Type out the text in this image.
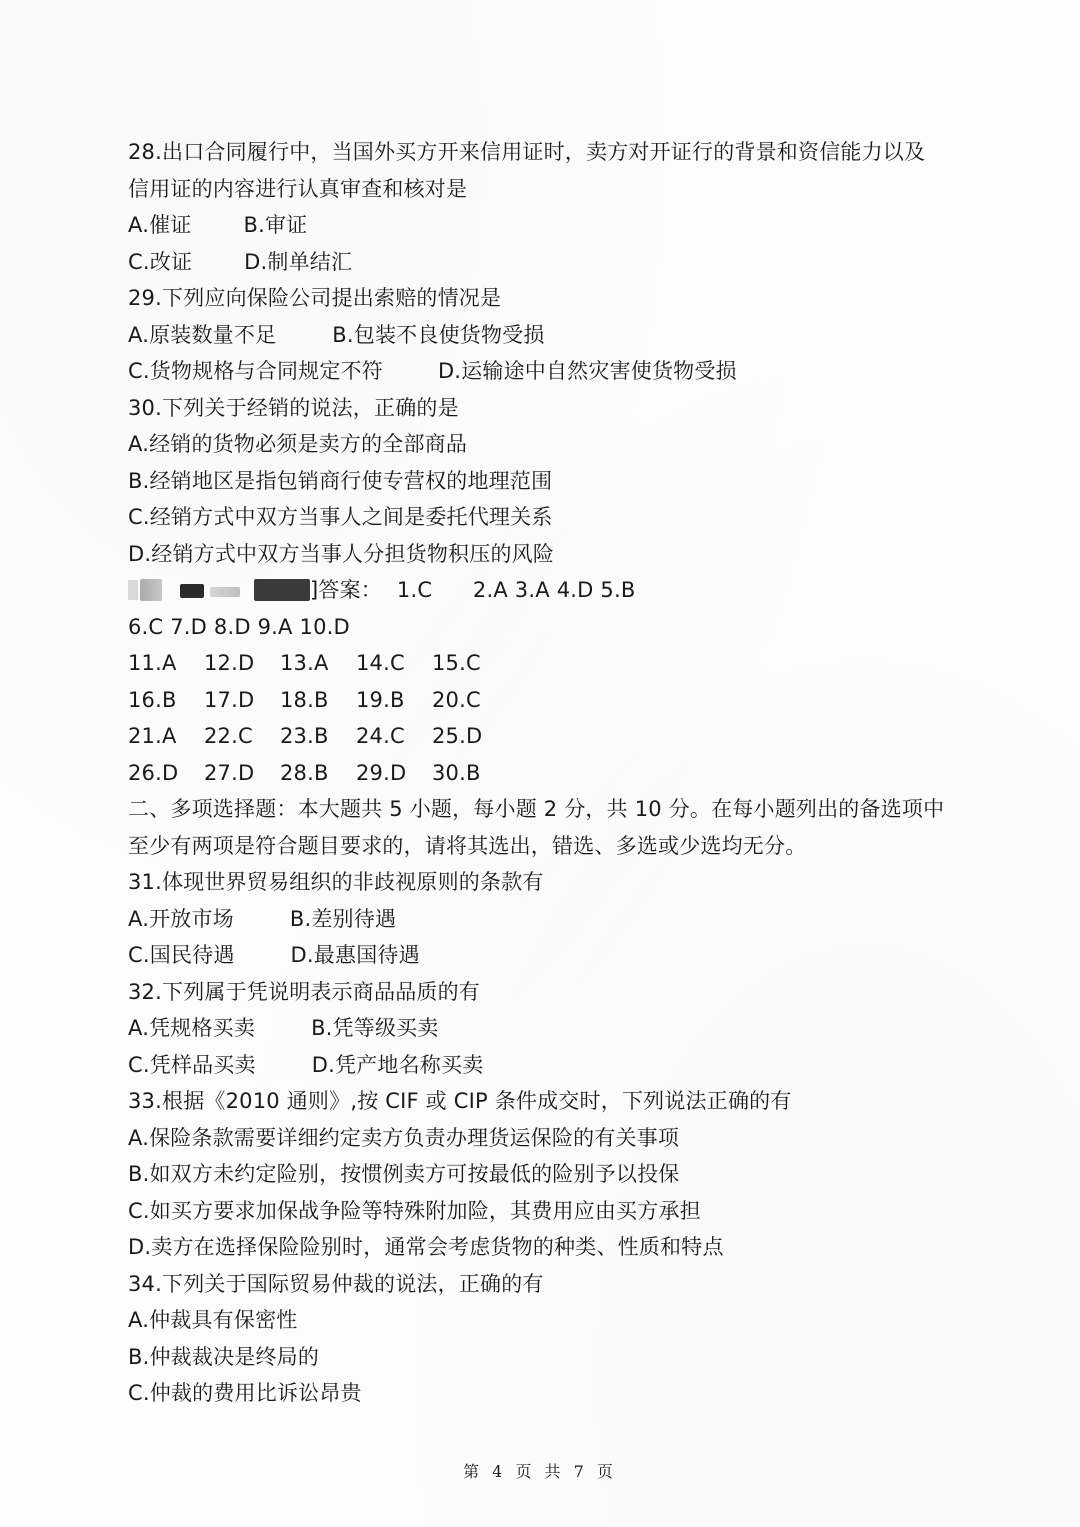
28.出口合同履行中，当国外买方开来信用证时，卖方对开证行的背景和资信能力以及
信用证的内容进行认真审查和核对是
A.催证 B.审证
C.改证 D.制单结汇
29.下列应向保险公司提出索赔的情况是
A.原装数量不足	B.包装不良使货物受损
C.货物规格与合同规定不符	D.运输途中自然灾害使货物受损
30.下列关于经销的说法，正确的是
A.经销的货物必须是卖方的全部商品
B.经销地区是指包销商行使专营权的地理范围
C.经销方式中双方当事人之间是委托代理关系
D.经销方式中双方当事人分担货物积压的风险
]答案： 1.C 2.A 3.A 4.D 5.B
6.C 7.D 8.D 9.A 10.D
11.A 12.D 13.A 14.C 15.C
16.B 17.D 18.B 19.B 20.C
21.A 22.C 23.B 24.C 25.D
26.D 27.D 28.B 29.D 30.B
二、多项选择题：本大题共 5 小题，每小题 2 分，共 10 分。在每小题列出的备选项中
至少有两项是符合题目要求的，请将其选出，错选、多选或少选均无分。
31.体现世界贸易组织的非歧视原则的条款有
A.开放市场	B.差别待遇
C.国民待遇	D.最惠国待遇
32.下列属于凭说明表示商品品质的有
A.凭规格买卖	B.凭等级买卖
C.凭样品买卖	D.凭产地名称买卖
33.根据《2010 通则》,按 CIF 或 CIP 条件成交时，下列说法正确的有
A.保险条款需要详细约定卖方负责办理货运保险的有关事项
B.如双方未约定险别，按惯例卖方可按最低的险别予以投保
C.如买方要求加保战争险等特殊附加险，其费用应由买方承担
D.卖方在选择保险险别时，通常会考虑货物的种类、性质和特点
34.下列关于国际贸易仲裁的说法，正确的有
A.仲裁具有保密性
B.仲裁裁决是终局的
C.仲裁的费用比诉讼昂贵
第 4 页 共 7 页
